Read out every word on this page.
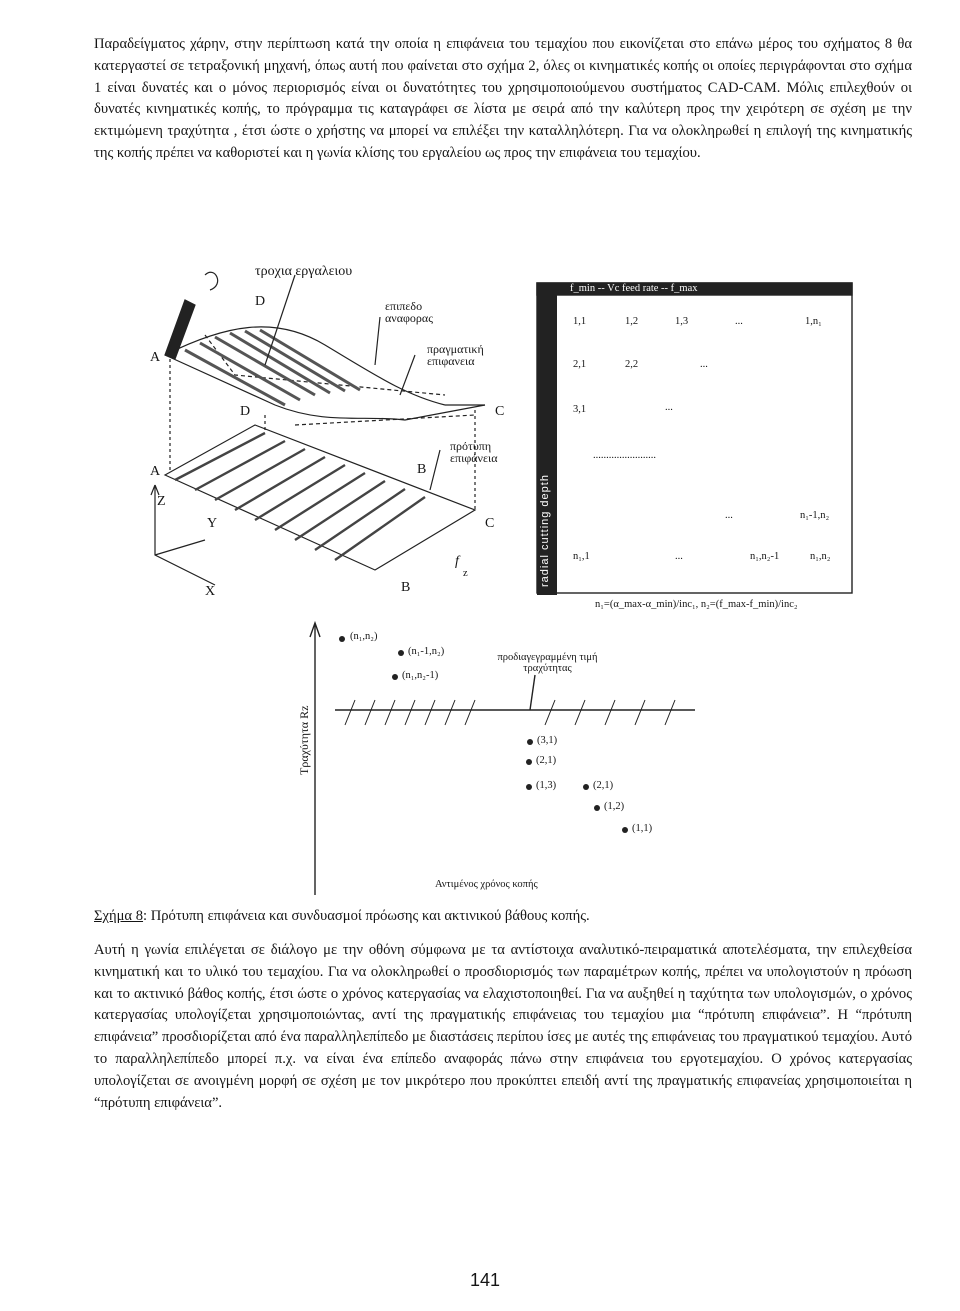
Παραδείγματος χάρην, στην περίπτωση κατά την οποία η επιφάνεια του τεμαχίου που εικονίζεται στο επάνω μέρος του σχήματος 8 θα κατεργαστεί σε τετραξονική μηχανή, όπως αυτή που φαίνεται στο σχήμα 2, όλες οι κινηματικές κοπής οι οποίες περιγράφονται στο σχήμα 1 είναι δυνατές και ο μόνος περιορισμός είναι οι δυνατότητες του χρησιμοποιούμενου συστήματος CAD-CAM. Μόλις επιλεχθούν οι δυνατές κινηματικές κοπής, το πρόγραμμα τις καταγράφει σε λίστα με σειρά από την καλύτερη προς την χειρότερη σε σχέση με την εκτιμώμενη τραχύτητα , έτσι ώστε ο χρήστης να μπορεί να επιλέξει την καταλληλότερη. Για να ολοκληρωθεί η επιλογή της κινηματικής της κοπής πρέπει να καθοριστεί και η γωνία κλίσης του εργαλείου ως προς την επιφάνεια του τεμαχίου.
τροχια εργαλειου
D
A
επιπεδο αναφορας
πραγματική επιφανεια
C
D
πρότυπη επιφάνεια
A	B
C
Z
Y
X	B
f
z
f_min -- Vc feed rate -- f_max
radial cutting depth
1,1	1,2	1,3	...	1,n₁
2,1	2,2	...
3,1	...
........................
...	n₁-1,n₂
n₁,1	...	n₁,n₂-1	n₁,n₂
n₁=(α_max-α_min)/inc₁, n₂=(f_max-f_min)/inc₂
Τραχύτητα Rz
προδιαγεγραμμένη τιμή τραχύτητας
(n₁,n₂)
(n₁-1,n₂)
(n₁,n₂-1)
(3,1)
(2,1)
(1,3)	(2,1)
(1,2)
(1,1)
Αντιμένος χρόνος κοπής
Σχήμα 8: Πρότυπη επιφάνεια και συνδυασμοί πρόωσης και ακτινικού βάθους κοπής.
Αυτή η γωνία επιλέγεται σε διάλογο με την οθόνη σύμφωνα με τα αντίστοιχα αναλυτικό-πειραματικά αποτελέσματα, την επιλεχθείσα κινηματική και το υλικό του τεμαχίου. Για να ολοκληρωθεί ο προσδιορισμός των παραμέτρων κοπής, πρέπει να υπολογιστούν η πρόωση και το ακτινικό βάθος κοπής, έτσι ώστε ο χρόνος κατεργασίας να ελαχιστοποιηθεί. Για να αυξηθεί η ταχύτητα των υπολογισμών, ο χρόνος κατεργασίας υπολογίζεται χρησιμοποιώντας, αντί της πραγματικής επιφάνειας του τεμαχίου μια “πρότυπη επιφάνεια”. Η “πρότυπη επιφάνεια” προσδιορίζεται από ένα παραλληλεπίπεδο με διαστάσεις περίπου ίσες με αυτές της επιφάνειας του πραγματικού τεμαχίου. Αυτό το παραλληλεπίπεδο μπορεί π.χ. να είναι ένα επίπεδο αναφοράς πάνω στην επιφάνεια του εργοτεμαχίου. Ο χρόνος κατεργασίας υπολογίζεται σε ανοιγμένη μορφή σε σχέση με τον μικρότερο που προκύπτει επειδή αντί της πραγματικής επιφανείας χρησιμοποιείται η “πρότυπη επιφάνεια”.
141
